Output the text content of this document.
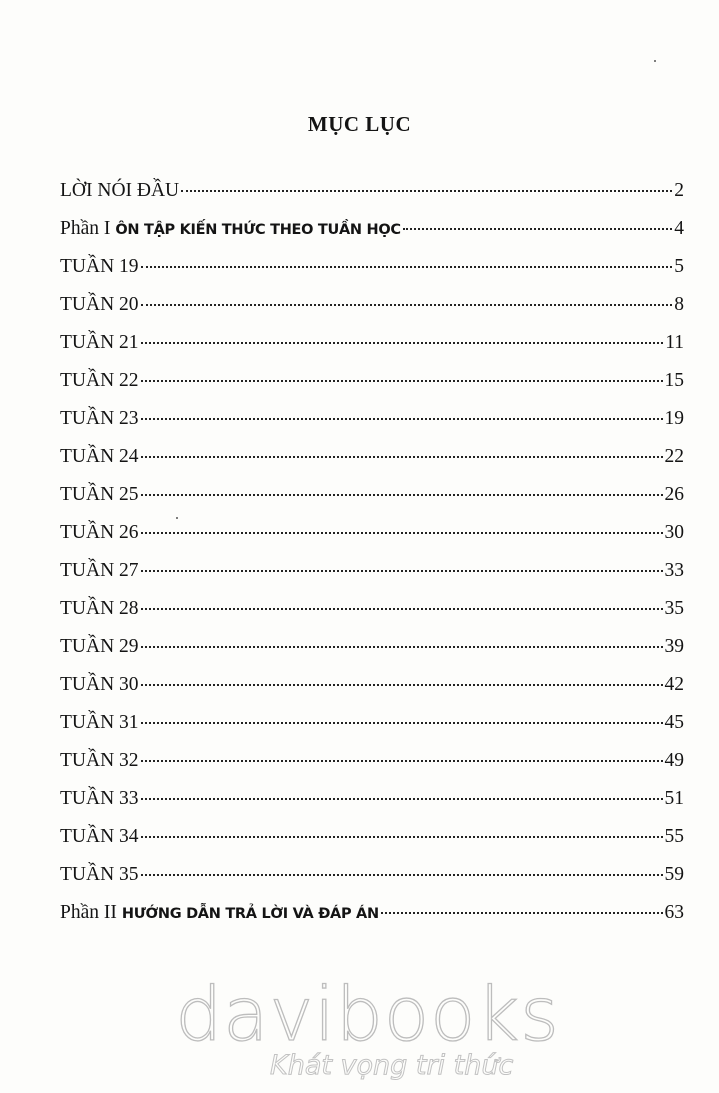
MỤC LỤC
LỜI NÓI ĐẦU	2
Phần I ÔN TẬP KIẾN THỨC THEO TUẦN HỌC	4
TUẦN 19	5
TUẦN 20	8
TUẦN 21	11
TUẦN 22	15
TUẦN 23	19
TUẦN 24	22
TUẦN 25	26
TUẦN 26	30
TUẦN 27	33
TUẦN 28	35
TUẦN 29	39
TUẦN 30	42
TUẦN 31	45
TUẦN 32	49
TUẦN 33	51
TUẦN 34	55
TUẦN 35	59
Phần II HƯỚNG DẪN TRẢ LỜI VÀ ĐÁP ÁN	63
davibooks
Khát vọng tri thức
